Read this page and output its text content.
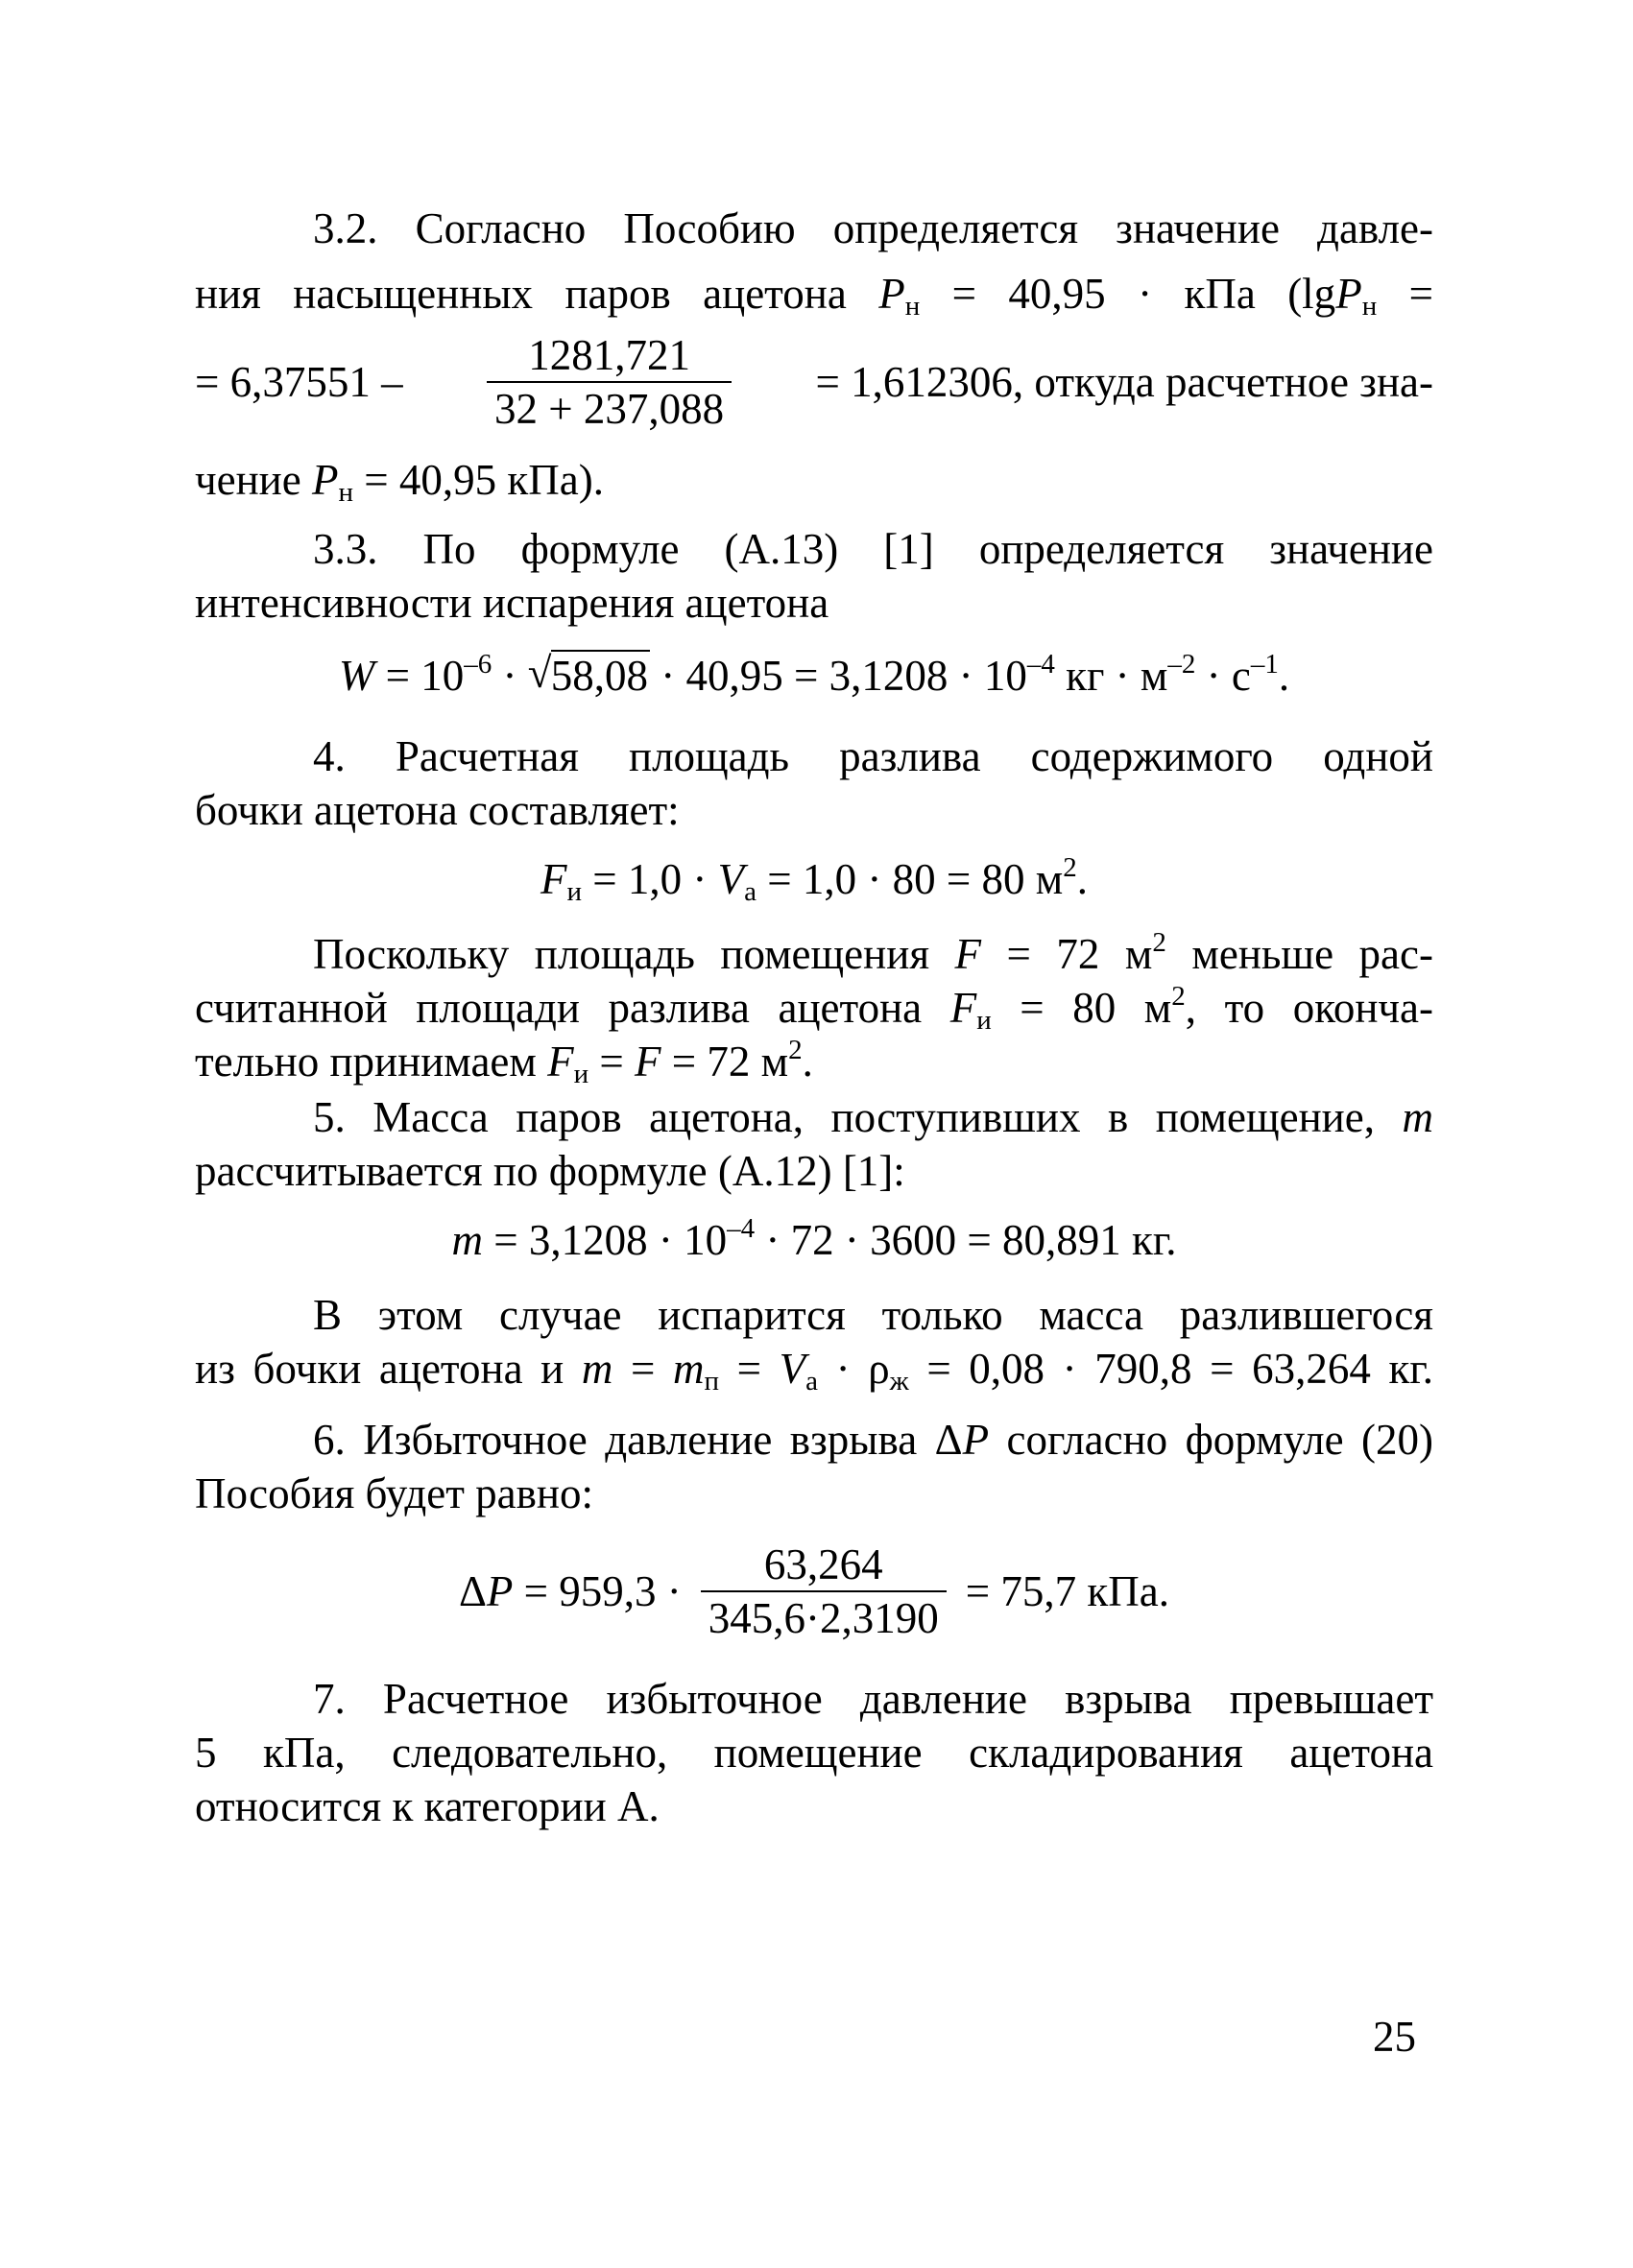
3.2. Согласно Пособию определяется значение давле-
ния насыщенных паров ацетона $P_н = 40,95$ · кПа (lgP$_н$ =
= $6,37551 - \frac{1281,721}{32 + 237,088} = 1,612306$, откуда расчетное зна-
чение $P_н = 40,95$ кПа).
3.3. По формуле (А.13) [1] определяется значение
интенсивности испарения ацетона
$W = 10^{-6}$ · √ $58,08 \cdot 40,95 = 3,1208 \cdot 10^{-4}$ кг · $м^{-2} \cdot с^{-1}$.
4. Расчетная площадь разлива содержимого одной
бочки ацетона составляет:
$F_и = 1,0 \cdot V_а = 1,0 \cdot 80 = 80$ $м^2$.
Поскольку площадь помещения F = 72 $м^2$ меньше рас-
считанной площади разлива ацетона $F_и = 80$ $м^2$, то оконча-
тельно принимаем $F_и = F = 72$ $м^2$.
5. Масса паров ацетона, поступивших в помещение, m
рассчитывается по формуле (А.12) [1]:
$m = 3,1208 \cdot 10^{-4} \cdot 72 \cdot 3600 = 80,891$ кг.
В этом случае испарится только масса разлившегося
из бочки ацетона и $m = m_п = V_а \cdot \rho_ж = 0,08 \cdot 790,8 = 63,264$ кг.
6. Избыточное давление взрыва ΔP согласно формуле (20)
Пособия будет равно:
$\Delta P = 959,3 \cdot \frac{63,264}{345,6\cdot 2,3190} = 75,7$ кПа.
7. Расчетное избыточное давление взрыва превышает
5 кПа, следовательно, помещение складирования ацетона
относится к категории А.
25
